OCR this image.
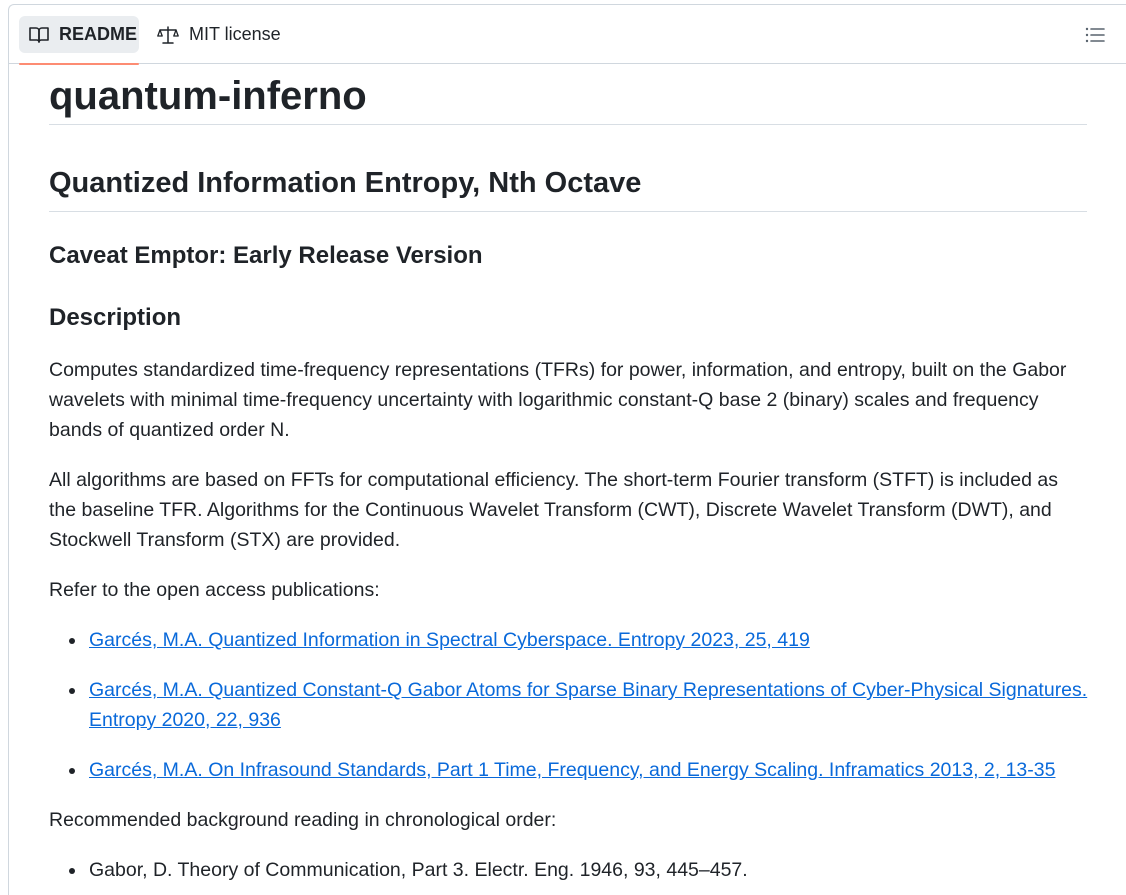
README	MIT license
quantum-inferno
Quantized Information Entropy, Nth Octave
Caveat Emptor: Early Release Version
Description

Computes standardized time-frequency representations (TFRs) for power, information, and entropy, built on the Gabor wavelets with minimal time-frequency uncertainty with logarithmic constant-Q base 2 (binary) scales and frequency bands of quantized order N.

All algorithms are based on FFTs for computational efficiency. The short-term Fourier transform (STFT) is included as the baseline TFR. Algorithms for the Continuous Wavelet Transform (CWT), Discrete Wavelet Transform (DWT), and Stockwell Transform (STX) are provided.

Refer to the open access publications:

Garcés, M.A. Quantized Information in Spectral Cyberspace. Entropy 2023, 25, 419
Garcés, M.A. Quantized Constant-Q Gabor Atoms for Sparse Binary Representations of Cyber-Physical Signatures. Entropy 2020, 22, 936
Garcés, M.A. On Infrasound Standards, Part 1 Time, Frequency, and Energy Scaling. Inframatics 2013, 2, 13-35

Recommended background reading in chronological order:

Gabor, D. Theory of Communication, Part 3. Electr. Eng. 1946, 93, 445–457.
